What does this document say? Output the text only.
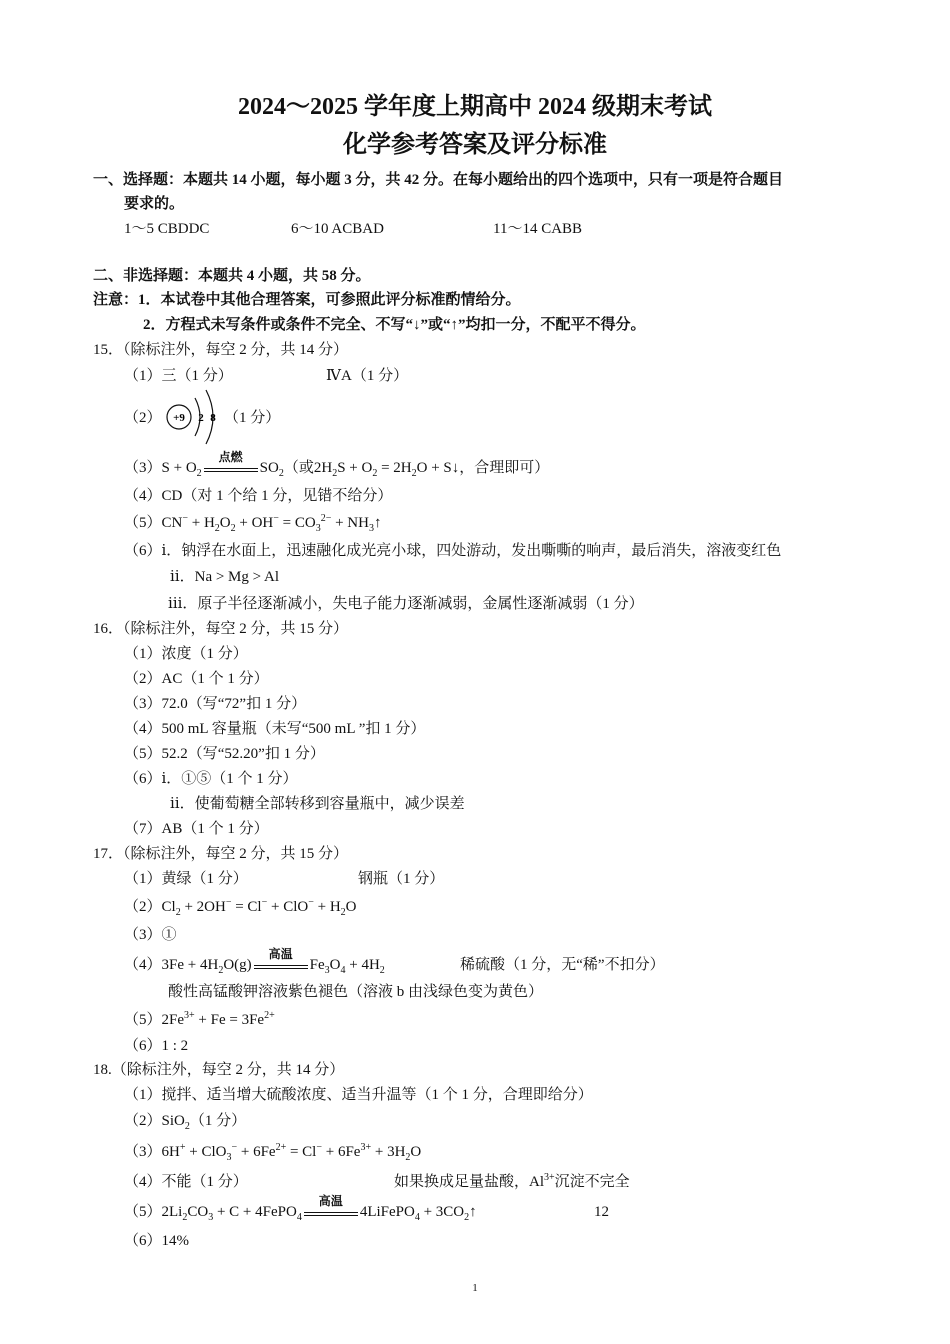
2024～2025 学年度上期高中 2024 级期末考试
化学参考答案及评分标准
一、选择题：本题共 14 小题，每小题 3 分，共 42 分。在每小题给出的四个选项中，只有一项是符合题目
要求的。
1～5 CBDDC	6～10 ACBAD	11～14 CABB
二、非选择题：本题共 4 小题，共 58 分。
注意：1．本试卷中其他合理答案，可参照此评分标准酌情给分。
2．方程式未写条件或条件不完全、不写“↓”或“↑”均扣一分，不配平不得分。
15．（除标注外，每空 2 分，共 14 分）
（1）三（1 分）	ⅣA（1 分）
（2） +9 2 8 （1 分）
$(3)S + O_2$
点燃
$SO_2$（或$2H_2S + O_2 = 2H_2O$ + S↓，合理即可）
（4）CD（对 1 个给 1 分，见错不给分）
$(5)CN^- + H_2O_2 + OH^- = CO_3^{2-}$ + $NH_3↑$
（6）ⅰ．钠浮在水面上，迅速融化成光亮小球，四处游动，发出嘶嘶的响声，最后消失，溶液变红色
ⅱ．Na > Mg > Al
ⅲ．原子半径逐渐减小，失电子能力逐渐减弱，金属性逐渐减弱（1 分）
16．（除标注外，每空 2 分，共 15 分）
（1）浓度（1 分）
（2）AC（1 个 1 分）
（3）72.0（写“72”扣 1 分）
（4）500 mL 容量瓶（未写“500 mL ”扣 1 分）
（5）52.2（写“52.20”扣 1 分）
（6）ⅰ．①⑤（1 个 1 分）
ⅱ．使葡萄糖全部转移到容量瓶中，减少误差
（7）AB（1 个 1 分）
17．（除标注外，每空 2 分，共 15 分）
（1）黄绿（1 分）	钢瓶（1 分）
$(2)Cl_2 + 2OH^- = Cl^- + ClO^- + H_2O$
（3）①
$(4)3Fe + 4H_2O(g)$
高温
$Fe_3O_4 + 4H_2$	稀硫酸（1 分，无“稀”不扣分）
酸性高锰酸钾溶液紫色褪色（溶液 b 由浅绿色变为黄色）
$(5)2Fe^{3+} + Fe = 3Fe^{2+}$
（6）1 : 2
18.（除标注外，每空 2 分，共 14 分）
（1）搅拌、适当增大硫酸浓度、适当升温等（1 个 1 分，合理即给分）
（2）SiO$_2$（1 分）
$(3)6H^+ + ClO_3^- + 6Fe^{2+} = Cl^- + 6Fe^{3+} + 3H_2O$
（4）不能（1 分）	如果换成足量盐酸，$Al^{3+}$沉淀不完全
$(5)2Li_2CO_3 + C$ + 4FePO$_4$
高温
4LiFePO$_4$ + $3CO_2↑$	12
（6）14%
1
